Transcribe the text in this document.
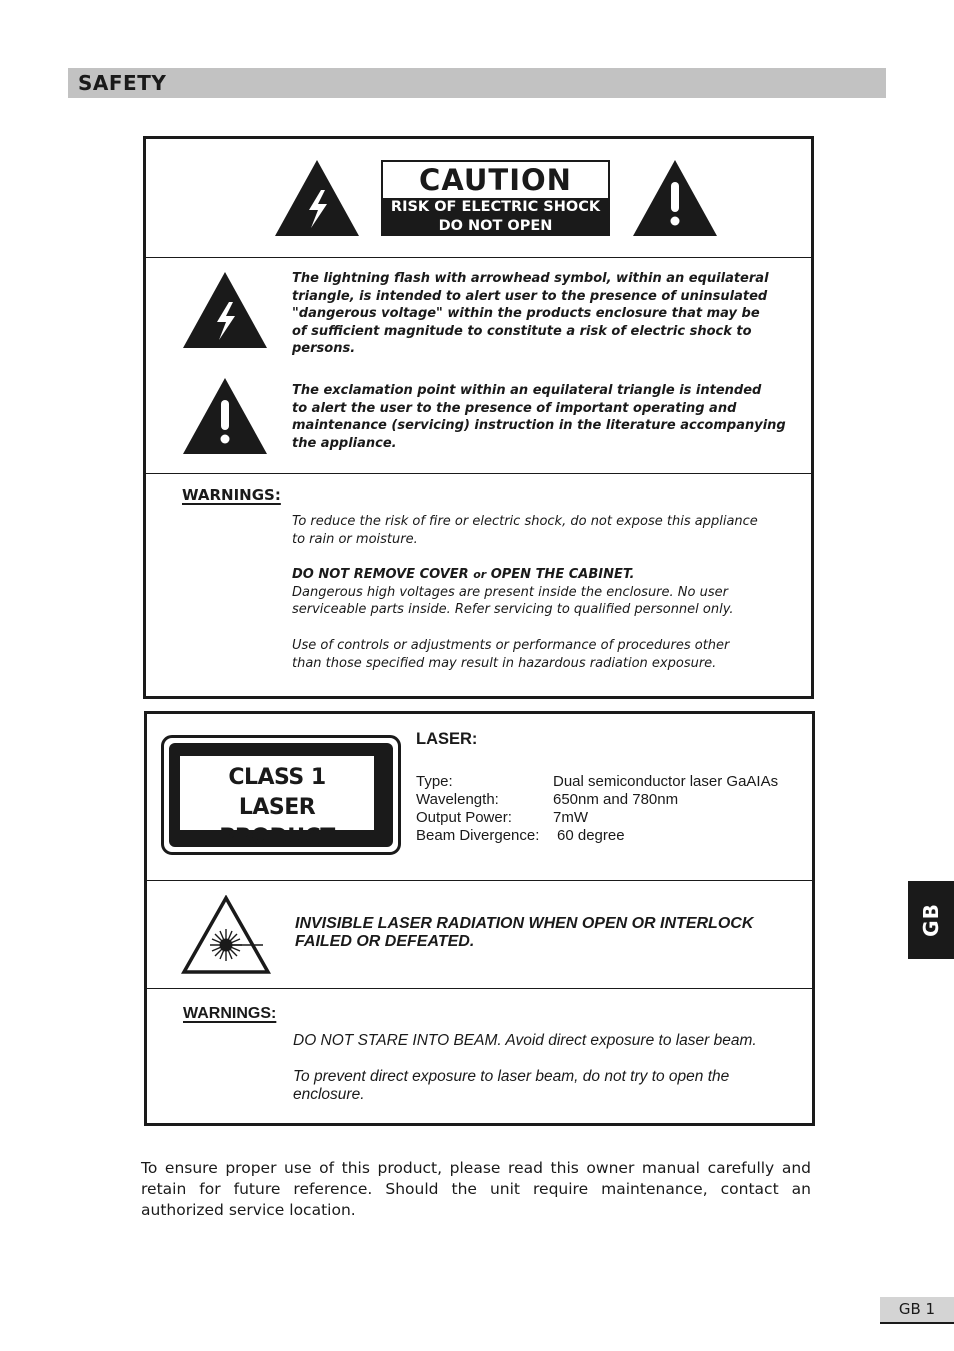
SAFETY
CAUTION
RISK OF ELECTRIC SHOCK
DO NOT OPEN
The lightning flash with arrowhead symbol, within an equilateral
triangle, is intended to alert user to the presence of uninsulated
"dangerous voltage" within the products enclosure that may be
of sufficient magnitude to constitute a risk of electric shock to
persons.
The exclamation point within an equilateral triangle is intended
to alert the user to the presence of important operating and
maintenance (servicing) instruction in the literature accompanying
the appliance.
WARNINGS:
To reduce the risk of fire or electric shock, do not expose this appliance
to rain or moisture.
DO NOT REMOVE COVER or OPEN THE CABINET.
Dangerous high voltages are present inside the enclosure. No user
serviceable parts inside. Refer servicing to qualified personnel only.
Use of controls or adjustments or performance of procedures other
than those specified may result in hazardous radiation exposure.
CLASS 1
LASER PRODUCT
LASER:
Type:	Dual semiconductor laser GaAIAs
Wavelength:	650nm and 780nm
Output Power:	7mW
Beam Divergence: 60 degree
INVISIBLE LASER RADIATION WHEN OPEN OR INTERLOCK
FAILED OR DEFEATED.
WARNINGS:
DO NOT STARE INTO BEAM. Avoid direct exposure to laser beam.
To prevent direct exposure to laser beam, do not try to open the
enclosure.
To ensure proper use of this product, please read this owner manual carefully and retain for future reference. Should the unit require maintenance, contact an authorized service location.
GB
GB 1
